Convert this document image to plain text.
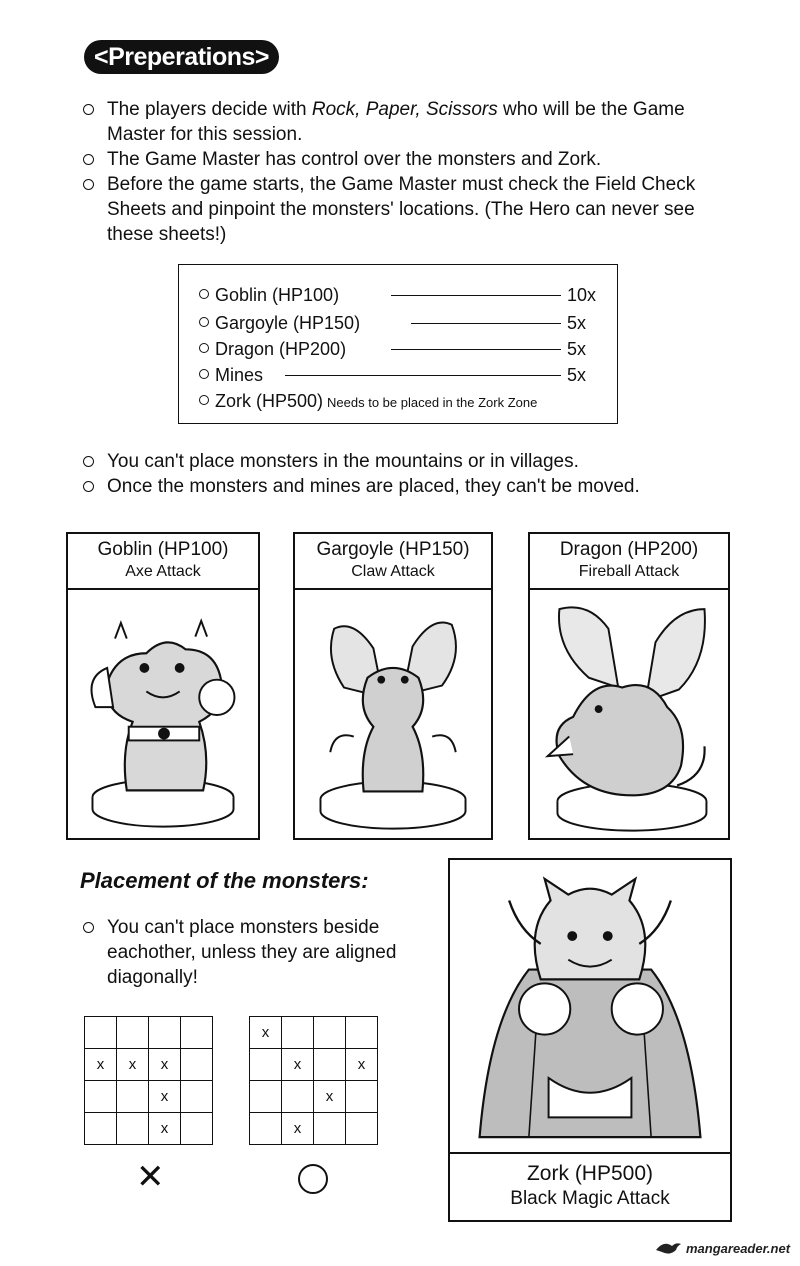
<Preperations>
The players decide with Rock, Paper, Scissors who will be the Game Master for this session.
The Game Master has control over the monsters and Zork.
Before the game starts, the Game Master must check the Field Check Sheets and pinpoint the monsters' locations. (The Hero can never see these sheets!)
Goblin (HP100)	10x
Gargoyle (HP150)	5x
Dragon (HP200)	5x
Mines	5x
Zork (HP500) Needs to be placed in the Zork Zone
You can't place monsters in the mountains or in villages.
Once the monsters and mines are placed, they can't be moved.
Goblin (HP100)
Axe Attack
Gargoyle (HP150)
Claw Attack
Dragon (HP200)
Fireball Attack
Placement of the monsters:
You can't place monsters beside eachother, unless they are aligned diagonally!

x	x	x	
		x	
		x	
✕
x			
	x		x
		x	
	x		
Zork (HP500)
Black Magic Attack
mangareader.net
